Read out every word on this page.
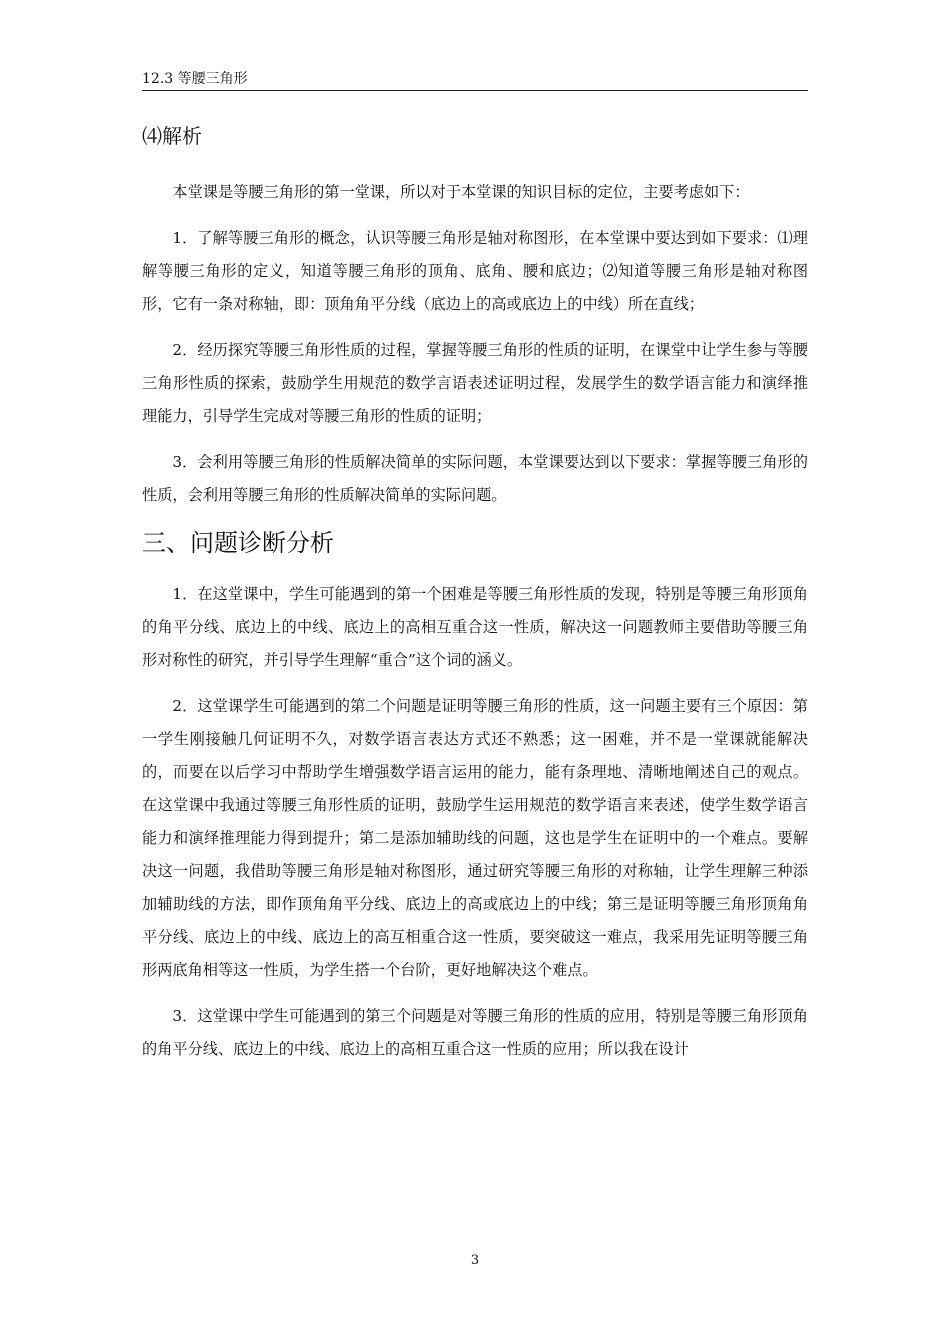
12.3 等腰三角形
⑷解析

本堂课是等腰三角形的第一堂课，所以对于本堂课的知识目标的定位，主要考虑如下：

1．了解等腰三角形的概念，认识等腰三角形是轴对称图形，在本堂课中要达到如下要求：⑴理解等腰三角形的定义，知道等腰三角形的顶角、底角、腰和底边；⑵知道等腰三角形是轴对称图形，它有一条对称轴，即：顶角角平分线（底边上的高或底边上的中线）所在直线；

2．经历探究等腰三角形性质的过程，掌握等腰三角形的性质的证明，在课堂中让学生参与等腰三角形性质的探索，鼓励学生用规范的数学言语表述证明过程，发展学生的数学语言能力和演绎推理能力，引导学生完成对等腰三角形的性质的证明；

3．会利用等腰三角形的性质解决简单的实际问题，本堂课要达到以下要求：掌握等腰三角形的性质，会利用等腰三角形的性质解决简单的实际问题。

三、问题诊断分析

1．在这堂课中，学生可能遇到的第一个困难是等腰三角形性质的发现，特别是等腰三角形顶角的角平分线、底边上的中线、底边上的高相互重合这一性质，解决这一问题教师主要借助等腰三角形对称性的研究，并引导学生理解“重合”这个词的涵义。

2．这堂课学生可能遇到的第二个问题是证明等腰三角形的性质，这一问题主要有三个原因：第一学生刚接触几何证明不久，对数学语言表达方式还不熟悉；这一困难，并不是一堂课就能解决的，而要在以后学习中帮助学生增强数学语言运用的能力，能有条理地、清晰地阐述自己的观点。在这堂课中我通过等腰三角形性质的证明，鼓励学生运用规范的数学语言来表述，使学生数学语言能力和演绎推理能力得到提升；第二是添加辅助线的问题，这也是学生在证明中的一个难点。要解决这一问题，我借助等腰三角形是轴对称图形，通过研究等腰三角形的对称轴，让学生理解三种添加辅助线的方法，即作顶角角平分线、底边上的高或底边上的中线；第三是证明等腰三角形顶角角平分线、底边上的中线、底边上的高互相重合这一性质，要突破这一难点，我采用先证明等腰三角形两底角相等这一性质，为学生搭一个台阶，更好地解决这个难点。

3．这堂课中学生可能遇到的第三个问题是对等腰三角形的性质的应用，特别是等腰三角形顶角的角平分线、底边上的中线、底边上的高相互重合这一性质的应用；所以我在设计

3
